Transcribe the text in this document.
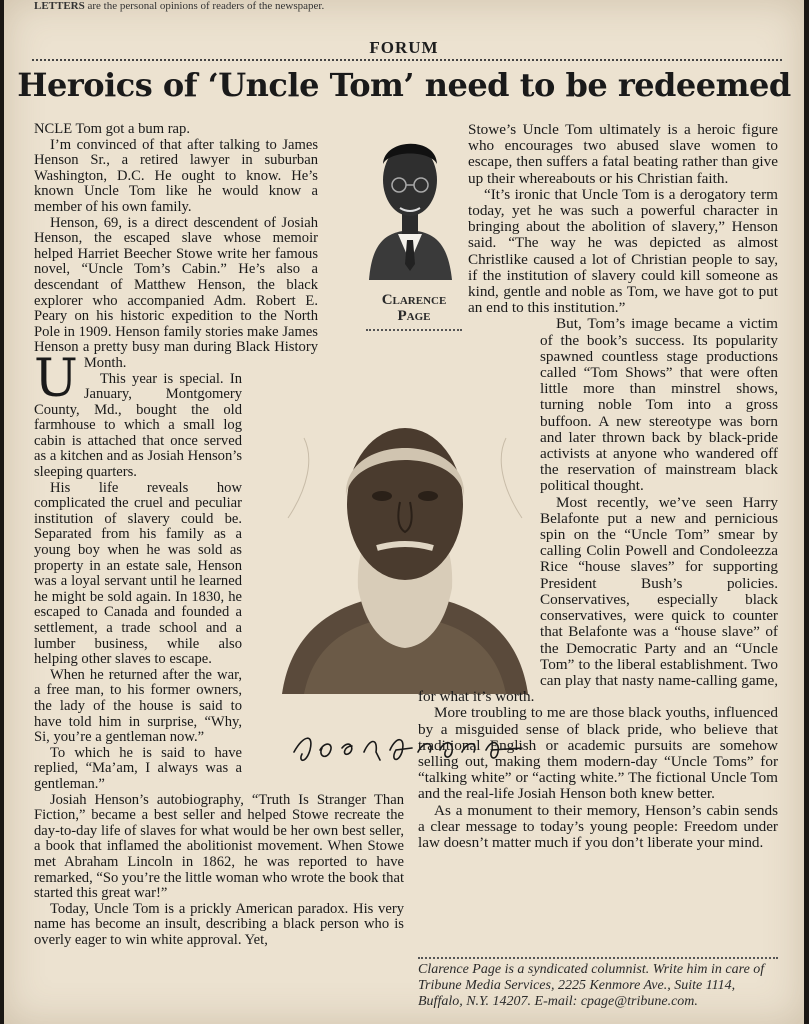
LETTERS are the personal opinions of readers of the newspaper.
FORUM
Heroics of ‘Uncle Tom’ need to be redeemed
Clarence
Page

U
NCLE Tom got a bum rap.

I’m convinced of that after talking to James Henson Sr., a retired lawyer in suburban Washington, D.C. He ought to know. He’s known Uncle Tom like he would know a member of his own family.

Henson, 69, is a direct descendent of Josiah Henson, the escaped slave whose memoir helped Harriet Beecher Stowe write her famous novel, “Uncle Tom’s Cabin.” He’s also a descendant of Matthew Henson, the black explorer who accompanied Adm. Robert E. Peary on his historic expedition to the North Pole in 1909. Henson family stories make James Henson a pretty busy man during Black History Month.

This year is special. In January, Montgomery County, Md., bought the old farmhouse to which a small log cabin is attached that once served as a kitchen and as Josiah Henson’s sleeping quarters.

His life reveals how complicated the cruel and peculiar institution of slavery could be. Separated from his family as a young boy when he was sold as property in an estate sale, Henson was a loyal servant until he learned he might be sold again. In 1830, he escaped to Canada and founded a settlement, a trade school and a lumber business, while also helping other slaves to escape.

When he returned after the war, a free man, to his former owners, the lady of the house is said to have told him in surprise, “Why, Si, you’re a gentleman now.”

To which he is said to have replied, “Ma’am, I always was a gentleman.”

Josiah Henson’s autobiography, “Truth Is Stranger Than Fiction,” became a best seller and helped Stowe recreate the day-to-day life of slaves for what would be her own best seller, a book that inflamed the abolitionist movement. When Stowe met Abraham Lincoln in 1862, he was reported to have remarked, “So you’re the little woman who wrote the book that started this great war!”

Today, Uncle Tom is a prickly American paradox. His very name has become an insult, describing a black person who is overly eager to win white approval. Yet,

Stowe’s Uncle Tom ultimately is a heroic figure who encourages two abused slave women to escape, then suffers a fatal beating rather than give up their whereabouts or his Christian faith.

“It’s ironic that Uncle Tom is a derogatory term today, yet he was such a powerful character in bringing about the abolition of slavery,” Henson said. “The way he was depicted as almost Christlike caused a lot of Christian people to say, if the institution of slavery could kill someone as kind, gentle and noble as Tom, we have got to put an end to this institution.”

But, Tom’s image became a victim of the book’s success. Its popularity spawned countless stage productions called “Tom Shows” that were often little more than minstrel shows, turning noble Tom into a gross buffoon. A new stereotype was born and later thrown back by black-pride activists at anyone who wandered off the reservation of mainstream black political thought.

Most recently, we’ve seen Harry Belafonte put a new and pernicious spin on the “Uncle Tom” smear by calling Colin Powell and Condoleezza Rice “house slaves” for supporting President Bush’s policies. Conservatives, especially black conservatives, were quick to counter that Belafonte was a “house slave” of the Democratic Party and an “Uncle Tom” to the liberal establishment. Two can play that nasty name-calling game, for what it’s worth.

More troubling to me are those black youths, influenced by a misguided sense of black pride, who believe that traditional English or academic pursuits are somehow selling out, making them modern-day “Uncle Toms” for “talking white” or “acting white.” The fictional Uncle Tom and the real-life Josiah Henson both knew better.

As a monument to their memory, Henson’s cabin sends a clear message to today’s young people: Freedom under law doesn’t matter much if you don’t liberate your mind.

Clarence Page is a syndicated columnist. Write him in care of Tribune Media Services, 2225 Kenmore Ave., Suite 1114, Buffalo, N.Y. 14207. E-mail: cpage@tribune.com.
